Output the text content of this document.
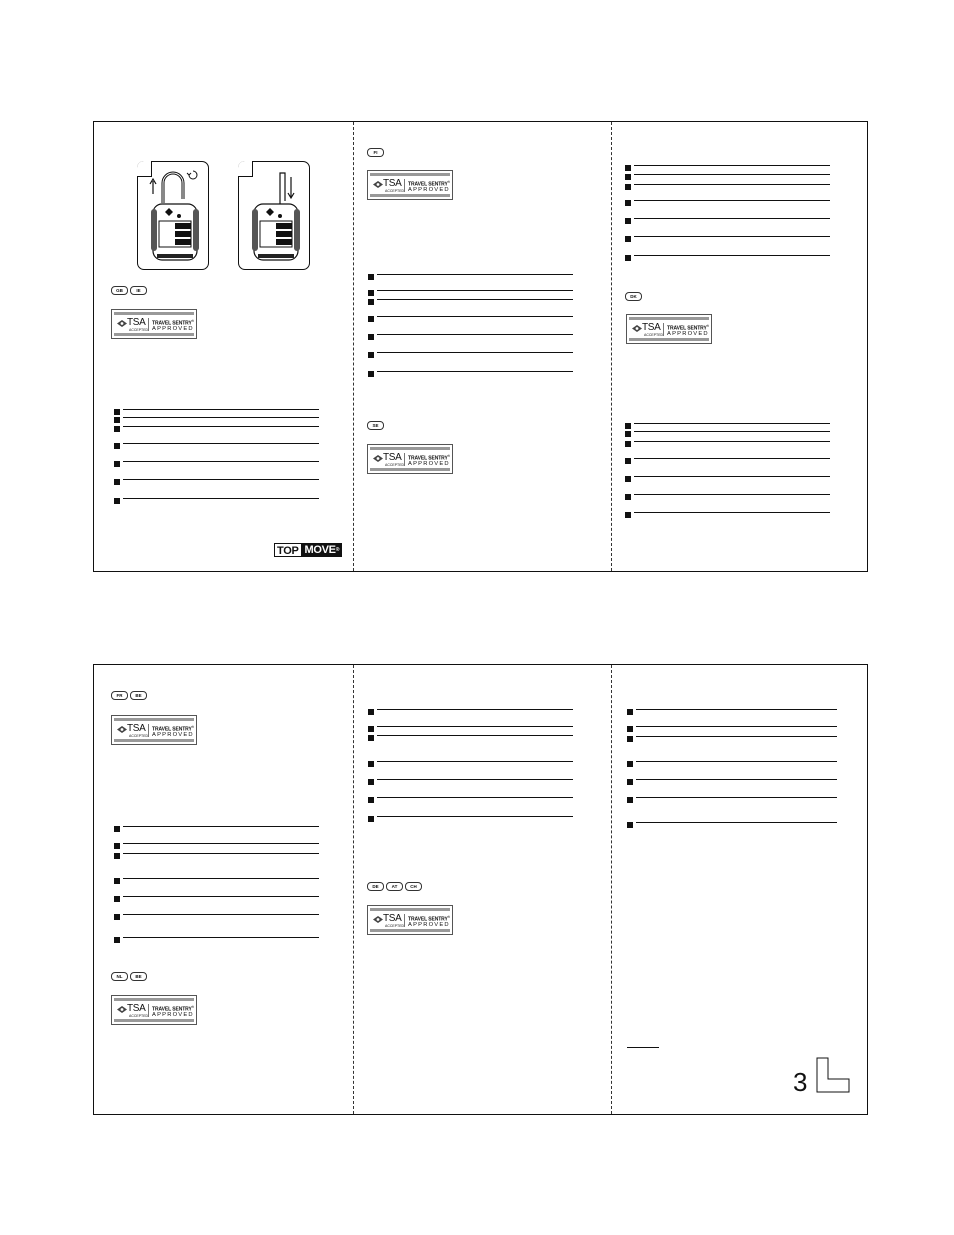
GB	IE
TSA
ACCEPTED
TRAVEL SENTRY®
APPROVED
TOP MOVE®
FI
TSA
ACCEPTED
TRAVEL SENTRY®
APPROVED
SE
TSA
ACCEPTED
TRAVEL SENTRY®
APPROVED
DK
TSA
ACCEPTED
TRAVEL SENTRY®
APPROVED
FR	BE
TSA
ACCEPTED
TRAVEL SENTRY®
APPROVED
NL	BE
TSA
ACCEPTED
TRAVEL SENTRY®
APPROVED
DE	AT	CH
TSA
ACCEPTED
TRAVEL SENTRY®
APPROVED
3
